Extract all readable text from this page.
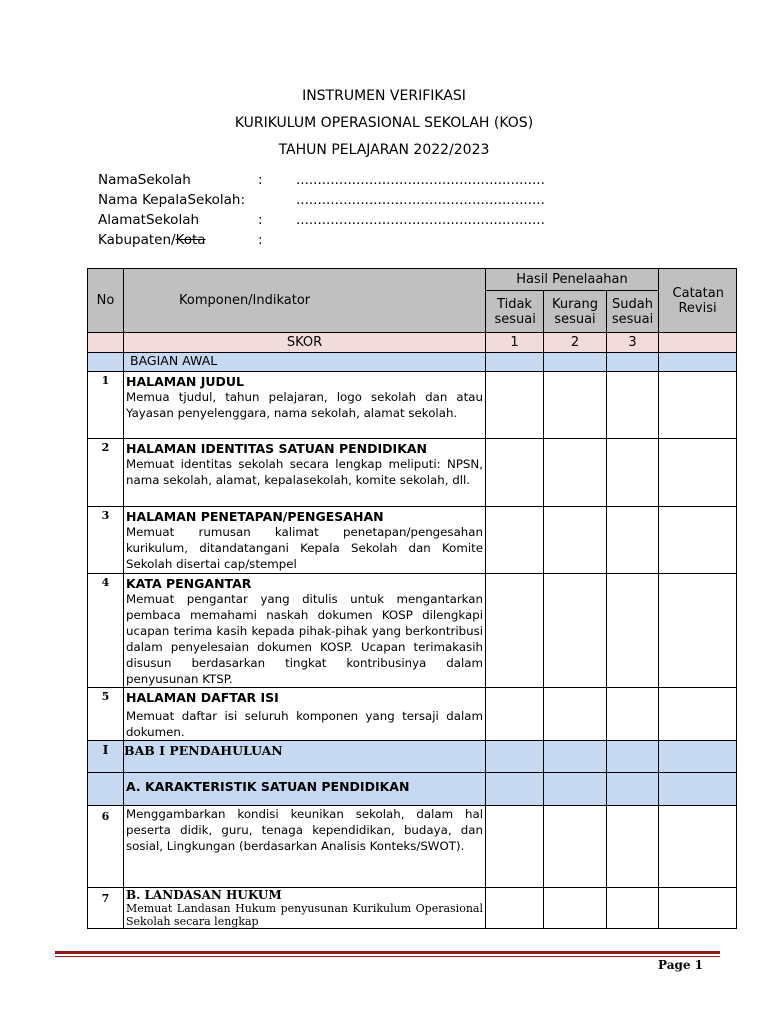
INSTRUMEN VERIFIKASI
KURIKULUM OPERASIONAL SEKOLAH (KOS)
TAHUN PELAJARAN 2022/2023
NamaSekolah	: ..........................................................
Nama KepalaSekolah:	..........................................................
AlamatSekolah	: ..........................................................
Kabupaten/Kota	:
No	Komponen/Indikator	Hasil Penelaahan			Catatan Revisi

		Tidak sesuai	Kurang sesuai	Sudah sesuai	

	SKOR	1	2	3	
	BAGIAN AWAL				
1	HALAMAN JUDUL
Memua tjudul, tahun pelajaran, logo sekolah dan atau Yayasan penyelenggara, nama sekolah, alamat sekolah.				

2	HALAMAN IDENTITAS SATUAN PENDIDIKAN
Memuat identitas sekolah secara lengkap meliputi: NPSN, nama sekolah, alamat, kepalasekolah, komite sekolah, dll.				

3	HALAMAN PENETAPAN/PENGESAHAN
Memuat rumusan kalimat penetapan/pengesahan kurikulum, ditandatangani Kepala Sekolah dan Komite Sekolah disertai cap/stempel				

4	KATA PENGANTAR
Memuat pengantar yang ditulis untuk mengantarkan pembaca memahami naskah dokumen KOSP dilengkapi ucapan terima kasih kepada pihak-pihak yang berkontribusi dalam penyelesaian dokumen KOSP. Ucapan terimakasih disusun berdasarkan tingkat kontribusinya dalam penyusunan KTSP.				

5	HALAMAN DAFTAR ISI
Memuat daftar isi seluruh komponen yang tersaji dalam dokumen.				

I	BAB I PENDAHULUAN				
	A. KARAKTERISTIK SATUAN PENDIDIKAN				
6	Menggambarkan kondisi keunikan sekolah, dalam hal peserta didik, guru, tenaga kependidikan, budaya, dan sosial, Lingkungan (berdasarkan Analisis Konteks/SWOT).				

7	B. LANDASAN HUKUM
Memuat Landasan Hukum penyusunan Kurikulum Operasional Sekolah secara lengkap				

Page 1
